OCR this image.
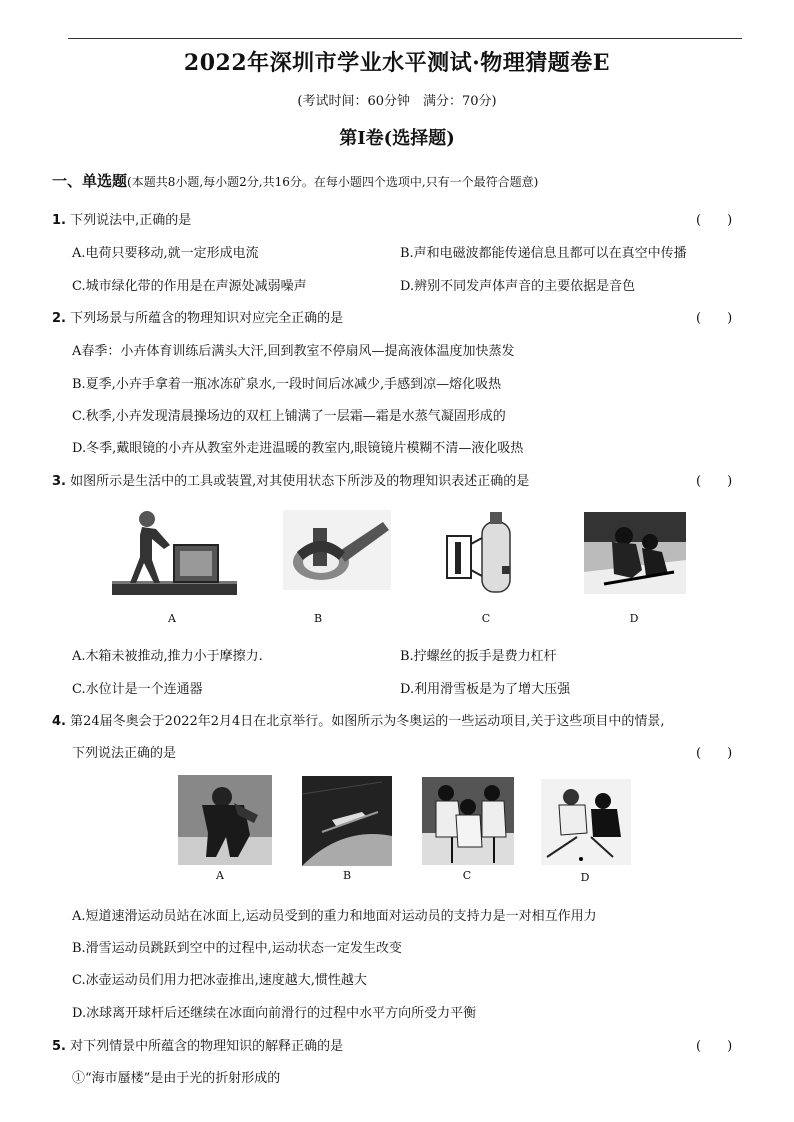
2022年深圳市学业水平测试·物理猜题卷E
(考试时间：60分钟　满分：70分)
第Ⅰ卷(选择题)
一、单选题(本题共8小题,每小题2分,共16分。在每小题四个选项中,只有一个最符合题意)
1. 下列说法中,正确的是	(　　)
A.电荷只要移动,就一定形成电流	B.声和电磁波都能传递信息且都可以在真空中传播
C.城市绿化带的作用是在声源处减弱噪声	D.辨别不同发声体声音的主要依据是音色
2. 下列场景与所蕴含的物理知识对应完全正确的是	(　　)
A春季：小卉体育训练后满头大汗,回到教室不停扇风—提高液体温度加快蒸发
B.夏季,小卉手拿着一瓶冰冻矿泉水,一段时间后冰减少,手感到凉—熔化吸热
C.秋季,小卉发现清晨操场边的双杠上铺满了一层霜—霜是水蒸气凝固形成的
D.冬季,戴眼镜的小卉从教室外走进温暖的教室内,眼镜镜片模糊不清—液化吸热
3. 如图所示是生活中的工具或装置,对其使用状态下所涉及的物理知识表述正确的是	(　　)
A	B	C	D
A.木箱未被推动,推力小于摩擦力.	B.拧螺丝的扳手是费力杠杆
C.水位计是一个连通器	D.利用滑雪板是为了增大压强
4. 第24届冬奥会于2022年2月4日在北京举行。如图所示为冬奥运的一些运动项目,关于这些项目中的情景,
下列说法正确的是	(　　)
A	B	C	D
A.短道速滑运动员站在冰面上,运动员受到的重力和地面对运动员的支持力是一对相互作用力
B.滑雪运动员跳跃到空中的过程中,运动状态一定发生改变
C.冰壶运动员们用力把冰壶推出,速度越大,惯性越大
D.冰球离开球杆后还继续在冰面向前滑行的过程中水平方向所受力平衡
5. 对下列情景中所蕴含的物理知识的解释正确的是	(　　)
①“海市蜃楼”是由于光的折射形成的
